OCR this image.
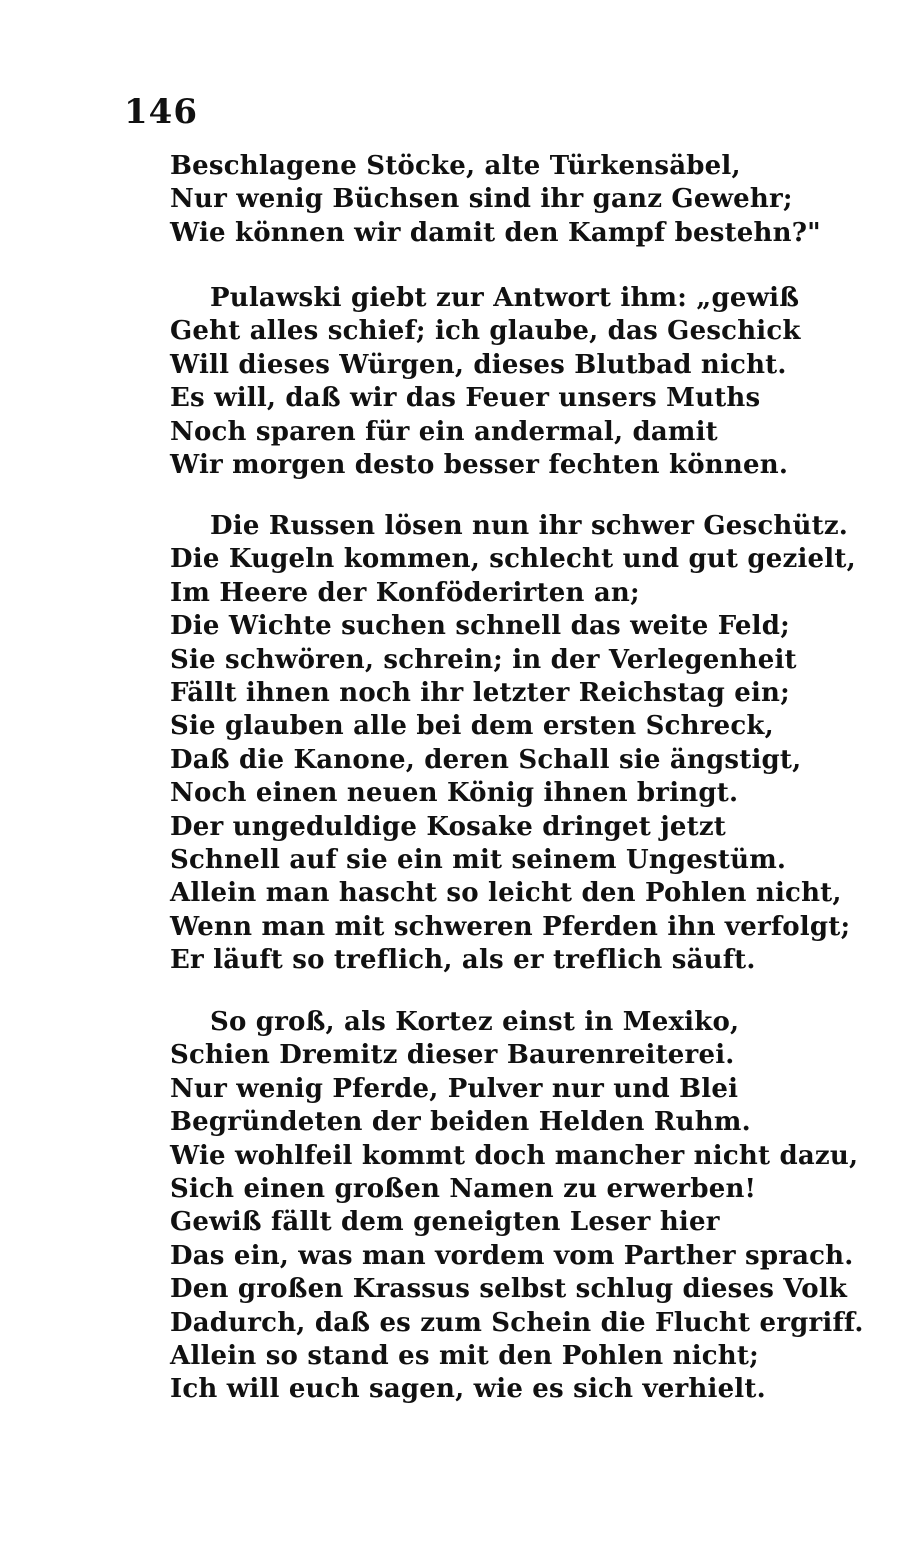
146
Beschlagene Stöcke, alte Türkensäbel,
Nur wenig Büchsen sind ihr ganz Gewehr;
Wie können wir damit den Kampf bestehn?"
Pulawski giebt zur Antwort ihm: „gewiß
Geht alles schief; ich glaube, das Geschick
Will dieses Würgen, dieses Blutbad nicht.
Es will, daß wir das Feuer unsers Muths
Noch sparen für ein andermal, damit
Wir morgen desto besser fechten können.
Die Russen lösen nun ihr schwer Geschütz.
Die Kugeln kommen, schlecht und gut gezielt,
Im Heere der Konföderirten an;
Die Wichte suchen schnell das weite Feld;
Sie schwören, schrein; in der Verlegenheit
Fällt ihnen noch ihr letzter Reichstag ein;
Sie glauben alle bei dem ersten Schreck,
Daß die Kanone, deren Schall sie ängstigt,
Noch einen neuen König ihnen bringt.
Der ungeduldige Kosake dringet jetzt
Schnell auf sie ein mit seinem Ungestüm.
Allein man hascht so leicht den Pohlen nicht,
Wenn man mit schweren Pferden ihn verfolgt;
Er läuft so treflich, als er treflich säuft.
So groß, als Kortez einst in Mexiko,
Schien Dremitz dieser Baurenreiterei.
Nur wenig Pferde, Pulver nur und Blei
Begründeten der beiden Helden Ruhm.
Wie wohlfeil kommt doch mancher nicht dazu,
Sich einen großen Namen zu erwerben!
Gewiß fällt dem geneigten Leser hier
Das ein, was man vordem vom Parther sprach.
Den großen Krassus selbst schlug dieses Volk
Dadurch, daß es zum Schein die Flucht ergriff.
Allein so stand es mit den Pohlen nicht;
Ich will euch sagen, wie es sich verhielt.
